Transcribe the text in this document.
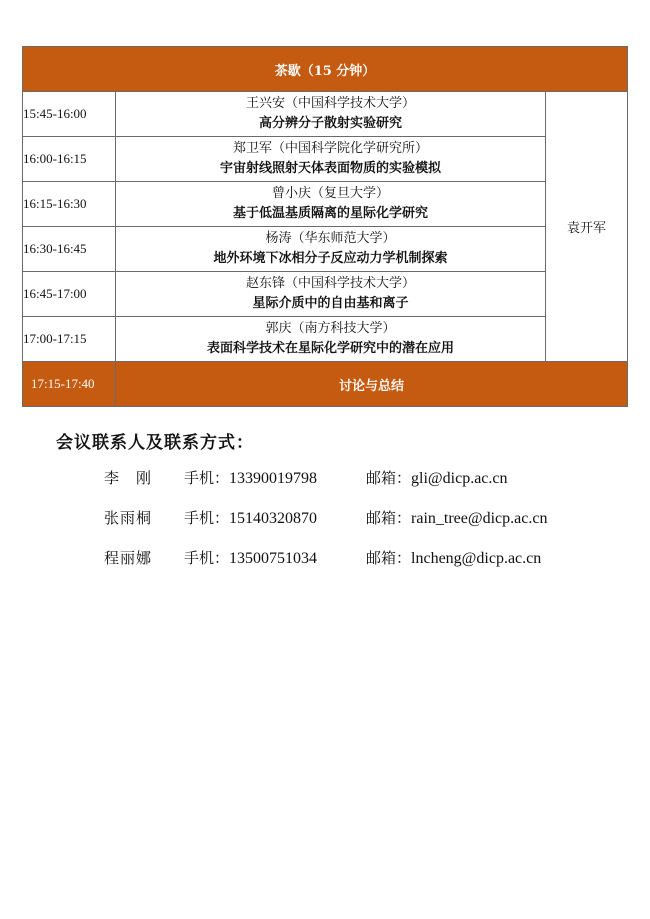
茶歇（15 分钟）		
15:45-16:00	王兴安（中国科学技术大学）
高分辨分子散射实验研究	袁开军
16:00-16:15	郑卫军（中国科学院化学研究所）
宇宙射线照射天体表面物质的实验模拟	

16:15-16:30	曾小庆（复旦大学）
基于低温基质隔离的星际化学研究	

16:30-16:45	杨涛（华东师范大学）
地外环境下冰相分子反应动力学机制探索	

16:45-17:00	赵东锋（中国科学技术大学）
星际介质中的自由基和离子	

17:00-17:15	郭庆（南方科技大学）
表面科学技术在星际化学研究中的潜在应用	

17:15-17:40	讨论与总结	
会议联系人及联系方式：
李　刚	手机：13390019798	邮箱：gli@dicp.ac.cn
张雨桐	手机：15140320870	邮箱：rain_tree@dicp.ac.cn
程丽娜	手机：13500751034	邮箱：lncheng@dicp.ac.cn
